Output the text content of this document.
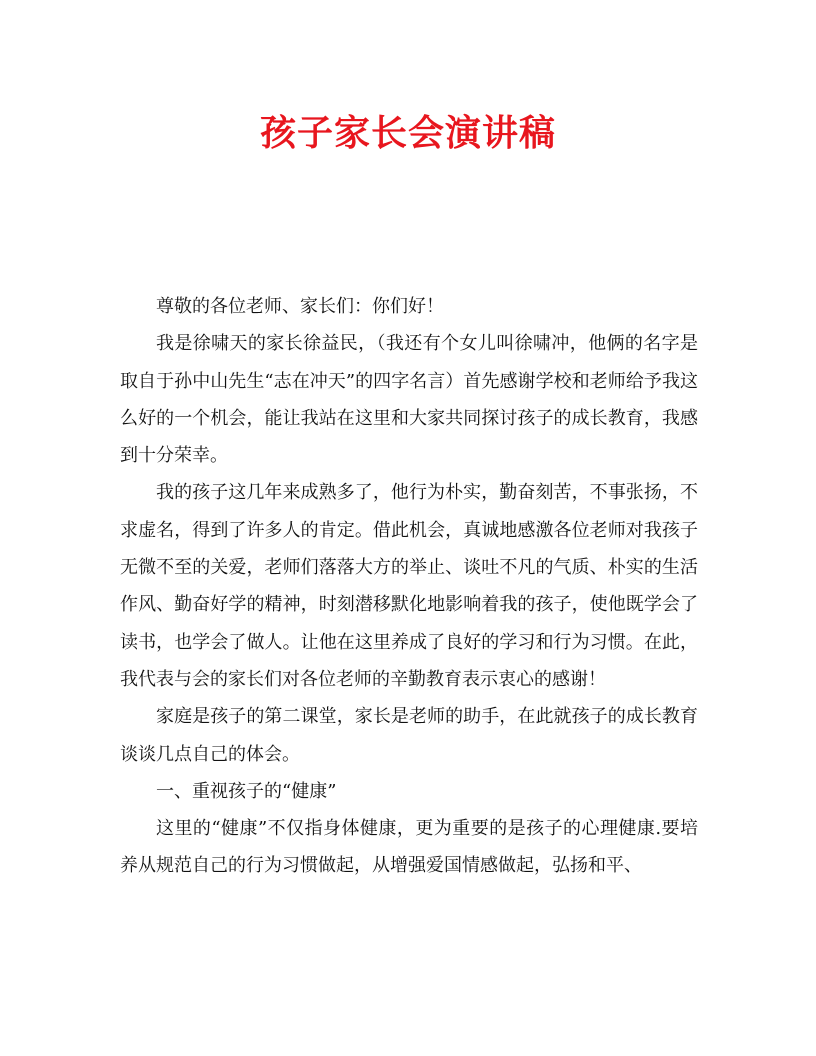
孩子家长会演讲稿

尊敬的各位老师、家长们：你们好！

我是徐啸天的家长徐益民，（我还有个女儿叫徐啸冲，他俩的名字是取自于孙中山先生“志在冲天”的四字名言）首先感谢学校和老师给予我这么好的一个机会，能让我站在这里和大家共同探讨孩子的成长教育，我感到十分荣幸。

我的孩子这几年来成熟多了，他行为朴实，勤奋刻苦，不事张扬，不求虚名，得到了许多人的肯定。借此机会，真诚地感激各位老师对我孩子无微不至的关爱，老师们落落大方的举止、谈吐不凡的气质、朴实的生活作风、勤奋好学的精神，时刻潜移默化地影响着我的孩子，使他既学会了读书，也学会了做人。让他在这里养成了良好的学习和行为习惯。在此，我代表与会的家长们对各位老师的辛勤教育表示衷心的感谢！

家庭是孩子的第二课堂，家长是老师的助手，在此就孩子的成长教育谈谈几点自己的体会。

一、重视孩子的“健康”

这里的“健康”不仅指身体健康，更为重要的是孩子的心理健康.要培养从规范自己的行为习惯做起，从增强爱国情感做起，弘扬和平、
